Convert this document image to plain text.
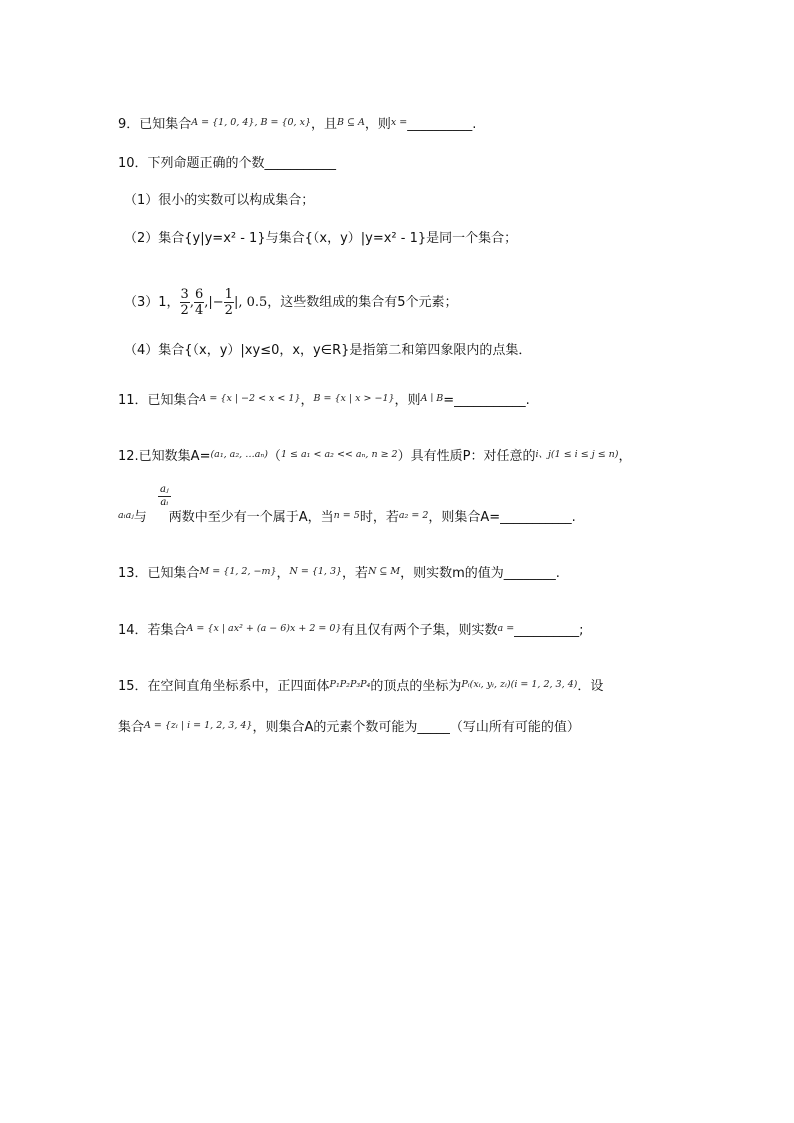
9．已知集合$^{A = \{1, 0, 4\}, B = \{0, x\}}$，且$^{B ⊆ A}$，则$^{x =}$__________.
10．下列命题正确的个数___________
（1）很小的实数可以构成集合；
（2）集合{y|y=x² - 1}与集合{（x，y）|y=x² - 1}是同一个集合；
（3）1， $\frac{3}{2}$ , $\frac{6}{4}$ ,|− $\frac{1}{2}$ |, 0.5，这些数组成的集合有5个元素；
（4）集合{（x，y）|xy≤0，x，y∈R}是指第二和第四象限内的点集．
11．已知集合$^{A = \{x | -2 < x < 1\}}$，$^{B = \{x | x > -1\}}$，则$^{A ∣ B}$=___________.
12.已知数集A=$^{(a_1, a_2, \dots a_n)}$（$^{1 \le a_1 < a_2 << a_n, n \ge 2}$）具有性质P：对任意的$^{i、j(1 \le i \le j \le n)}$，
$\frac{\text{aⱼ}}{\text{aᵢ}}$
$^{aᵢaⱼ}$与 两数中至少有一个属于A，当$^{n = 5}$时，若$^{a_2 = 2}$，则集合A=___________.
13．已知集合$^{M = \{1, 2, -m\}}$，$^{N = \{1, 3\}}$，若$^{N ⊆ M}$，则实数m的值为________.
14．若集合$^{A = \{x | ax^2 + (a - 6)x + 2 = 0\}}$有且仅有两个子集，则实数$^{a =}$__________;
15．在空间直角坐标系中，正四面体$^{P_1P_2P_3P_4}$的顶点的坐标为$^{Pᵢ(xᵢ, yᵢ, zᵢ)(i = 1, 2, 3, 4)}$．设
集合$^{A = \{zᵢ | i = 1, 2, 3, 4\}}$，则集合A的元素个数可能为_____（写山所有可能的值）
